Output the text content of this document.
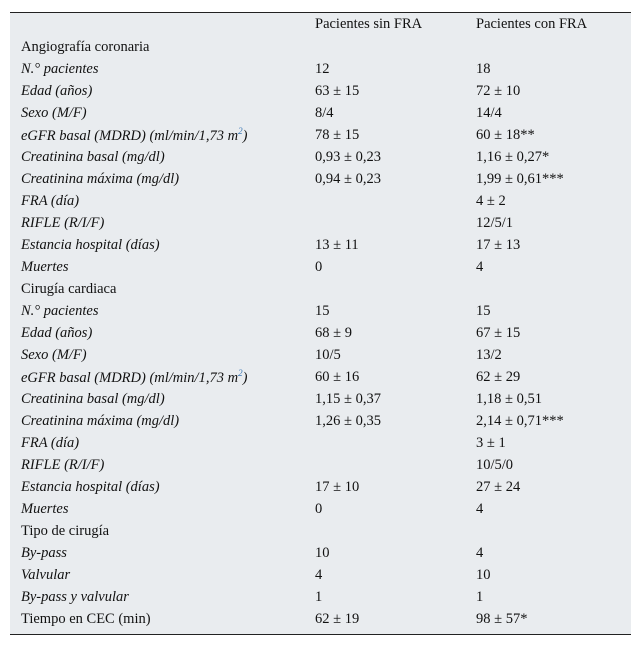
	Pacientes sin FRA	Pacientes con FRA
Angiografía coronaria		
N.° pacientes	12	18
Edad (años)	63 ± 15	72 ± 10
Sexo (M/F)	8/4	14/4
eGFR basal (MDRD) (ml/min/1,73 $m^2$)	78 ± 15	60 ± 18**
Creatinina basal (mg/dl)	0,93 ± 0,23	1,16 ± 0,27*
Creatinina máxima (mg/dl)	0,94 ± 0,23	1,99 ± 0,61***
FRA (día)		4 ± 2
RIFLE (R/I/F)		12/5/1
Estancia hospital (días)	13 ± 11	17 ± 13
Muertes	0	4
Cirugía cardiaca		
N.° pacientes	15	15
Edad (años)	68 ± 9	67 ± 15
Sexo (M/F)	10/5	13/2
eGFR basal (MDRD) (ml/min/1,73 $m^2$)	60 ± 16	62 ± 29
Creatinina basal (mg/dl)	1,15 ± 0,37	1,18 ± 0,51
Creatinina máxima (mg/dl)	1,26 ± 0,35	2,14 ± 0,71***
FRA (día)		3 ± 1
RIFLE (R/I/F)		10/5/0
Estancia hospital (días)	17 ± 10	27 ± 24
Muertes	0	4
Tipo de cirugía		
By-pass	10	4
Valvular	4	10
By-pass y valvular	1	1
Tiempo en CEC (min)	62 ± 19	98 ± 57*
